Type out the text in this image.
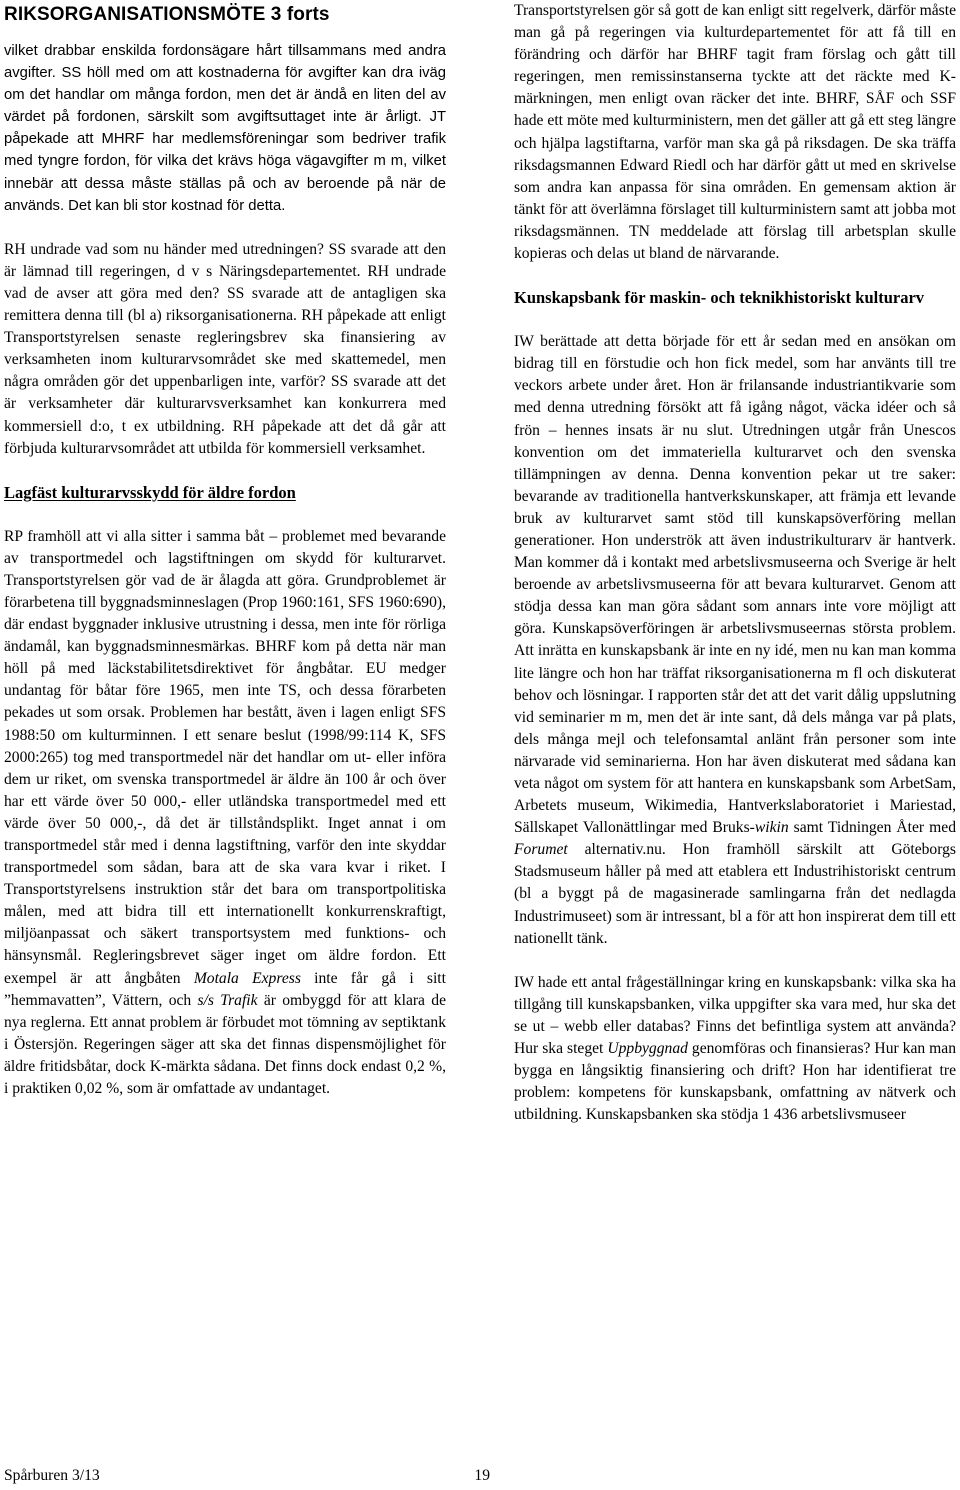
RIKSORGANISATIONSMÖTE 3 forts

vilket drabbar enskilda fordonsägare hårt tillsammans med andra avgifter. SS höll med om att kostnaderna för avgifter kan dra iväg om det handlar om många fordon, men det är ändå en liten del av värdet på fordonen, särskilt som avgiftsuttaget inte är årligt. JT påpekade att MHRF har medlemsföreningar som bedriver trafik med tyngre fordon, för vilka det krävs höga vägavgifter m m, vilket innebär att dessa måste ställas på och av beroende på när de används. Det kan bli stor kostnad för detta.

RH undrade vad som nu händer med utredningen? SS svarade att den är lämnad till regeringen, d v s Näringsdepartementet. RH undrade vad de avser att göra med den? SS svarade att de antagligen ska remittera denna till (bl a) riksorganisationerna. RH påpekade att enligt Transportstyrelsen senaste regleringsbrev ska finansiering av verksamheten inom kulturarvsområdet ske med skattemedel, men några områden gör det uppenbarligen inte, varför? SS svarade att det är verksamheter där kulturarvsverksamhet kan konkurrera med kommersiell d:o, t ex utbildning. RH påpekade att det då går att förbjuda kulturarvsområdet att utbilda för kommersiell verksamhet.

Lagfäst kulturarvsskydd för äldre fordon

RP framhöll att vi alla sitter i samma båt – problemet med bevarande av transportmedel och lagstiftningen om skydd för kulturarvet. Transportstyrelsen gör vad de är ålagda att göra. Grundproblemet är förarbetena till byggnadsminneslagen (Prop 1960:161, SFS 1960:690), där endast byggnader inklusive utrustning i dessa, men inte för rörliga ändamål, kan byggnadsminnesmärkas. BHRF kom på detta när man höll på med läckstabilitetsdirektivet för ångbåtar. EU medger undantag för båtar före 1965, men inte TS, och dessa förarbeten pekades ut som orsak. Problemen har bestått, även i lagen enligt SFS 1988:50 om kulturminnen. I ett senare beslut (1998/99:114 K, SFS 2000:265) tog med transportmedel när det handlar om ut- eller införa dem ur riket, om svenska transportmedel är äldre än 100 år och över har ett värde över 50 000,- eller utländska transportmedel med ett värde över 50 000,-, då det är tillståndsplikt. Inget annat i om transportmedel står med i denna lagstiftning, varför den inte skyddar transportmedel som sådan, bara att de ska vara kvar i riket. I Transportstyrelsens instruktion står det bara om transportpolitiska målen, med att bidra till ett internationellt konkurrenskraftigt, miljöanpassat och säkert transportsystem med funktions- och hänsynsmål. Regleringsbrevet säger inget om äldre fordon. Ett exempel är att ångbåten Motala Express inte får gå i sitt ”hemmavatten”, Vättern, och s/s Trafik är ombyggd för att klara de nya reglerna. Ett annat problem är förbudet mot tömning av septiktank i Östersjön. Regeringen säger att ska det finnas dispensmöjlighet för äldre fritidsbåtar, dock K-märkta sådana. Det finns dock endast 0,2 %, i praktiken 0,02 %, som är omfattade av undantaget.

Transportstyrelsen gör så gott de kan enligt sitt regelverk, därför måste man gå på regeringen via kulturdepartementet för att få till en förändring och därför har BHRF tagit fram förslag och gått till regeringen, men remissinstanserna tyckte att det räckte med K-märkningen, men enligt ovan räcker det inte. BHRF, SÅF och SSF hade ett möte med kulturministern, men det gäller att gå ett steg längre och hjälpa lagstiftarna, varför man ska gå på riksdagen. De ska träffa riksdagsmannen Edward Riedl och har därför gått ut med en skrivelse som andra kan anpassa för sina områden. En gemensam aktion är tänkt för att överlämna förslaget till kulturministern samt att jobba mot riksdagsmännen. TN meddelade att förslag till arbetsplan skulle kopieras och delas ut bland de närvarande.

Kunskapsbank för maskin- och teknikhistoriskt kulturarv

IW berättade att detta började för ett år sedan med en ansökan om bidrag till en förstudie och hon fick medel, som har använts till tre veckors arbete under året. Hon är frilansande industriantikvarie som med denna utredning försökt att få igång något, väcka idéer och så frön – hennes insats är nu slut. Utredningen utgår från Unescos konvention om det immateriella kulturarvet och den svenska tillämpningen av denna. Denna konvention pekar ut tre saker: bevarande av traditionella hantverkskunskaper, att främja ett levande bruk av kulturarvet samt stöd till kunskapsöverföring mellan generationer. Hon underströk att även industrikulturarv är hantverk. Man kommer då i kontakt med arbetslivsmuseerna och Sverige är helt beroende av arbetslivsmuseerna för att bevara kulturarvet. Genom att stödja dessa kan man göra sådant som annars inte vore möjligt att göra. Kunskapsöverföringen är arbetslivsmuseernas största problem. Att inrätta en kunskapsbank är inte en ny idé, men nu kan man komma lite längre och hon har träffat riksorganisationerna m fl och diskuterat behov och lösningar. I rapporten står det att det varit dålig uppslutning vid seminarier m m, men det är inte sant, då dels många var på plats, dels många mejl och telefonsamtal anlänt från personer som inte närvarade vid seminarierna. Hon har även diskuterat med sådana kan veta något om system för att hantera en kunskapsbank som ArbetSam, Arbetets museum, Wikimedia, Hantverkslaboratoriet i Mariestad, Sällskapet Vallonättlingar med Bruks-wikin samt Tidningen Åter med Forumet alternativ.nu. Hon framhöll särskilt att Göteborgs Stadsmuseum håller på med att etablera ett Industrihistoriskt centrum (bl a byggt på de magasinerade samlingarna från det nedlagda Industrimuseet) som är intressant, bl a för att hon inspirerat dem till ett nationellt tänk.

IW hade ett antal frågeställningar kring en kunskapsbank: vilka ska ha tillgång till kunskapsbanken, vilka uppgifter ska vara med, hur ska det se ut – webb eller databas? Finns det befintliga system att använda? Hur ska steget Uppbyggnad genomföras och finansieras? Hur kan man bygga en långsiktig finansiering och drift? Hon har identifierat tre problem: kompetens för kunskapsbank, omfattning av nätverk och utbildning. Kunskapsbanken ska stödja 1 436 arbetslivsmuseer

Spårburen 3/13	19
